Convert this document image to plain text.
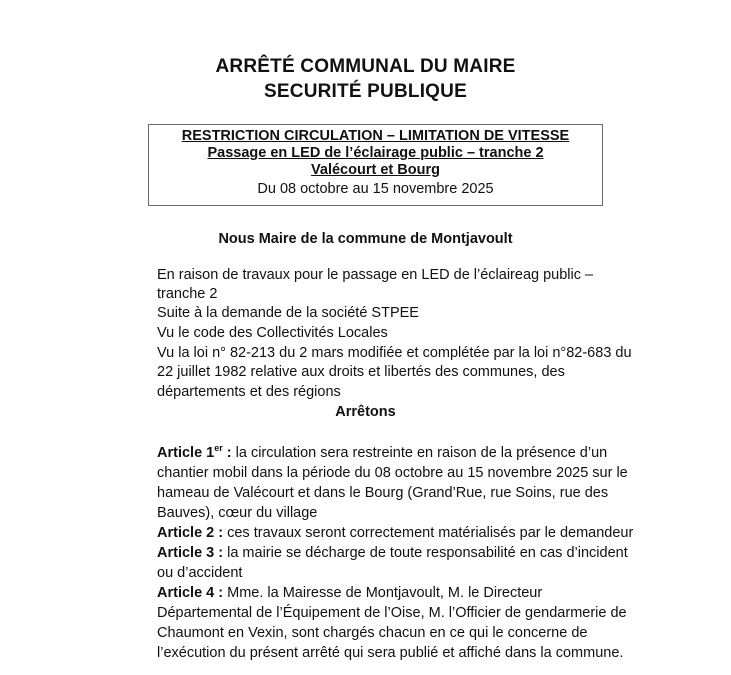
ARRÊTÉ COMMUNAL DU MAIRE
SECURITÉ PUBLIQUE
RESTRICTION CIRCULATION – LIMITATION DE VITESSE
Passage en LED de l’éclairage public – tranche 2
Valécourt et Bourg
Du 08 octobre au 15 novembre 2025
Nous Maire de la commune de Montjavoult
En raison de travaux pour le passage en LED de l’éclaireag public –
tranche 2
Suite à la demande de la société STPEE
Vu le code des Collectivités Locales
Vu la loi n° 82-213 du 2 mars modifiée et complétée par la loi n°82-683 du
22 juillet 1982 relative aux droits et libertés des communes, des
départements et des régions
Arrêtons
Article 1er : la circulation sera restreinte en raison de la présence d’un
chantier mobil dans la période du 08 octobre au 15 novembre 2025 sur le
hameau de Valécourt et dans le Bourg (Grand’Rue, rue Soins, rue des
Bauves), cœur du village
Article 2 : ces travaux seront correctement matérialisés par le demandeur
Article 3 : la mairie se décharge de toute responsabilité en cas d’incident
ou d’accident
Article 4 : Mme. la Mairesse de Montjavoult, M. le Directeur
Départemental de l’Équipement de l’Oise, M. l’Officier de gendarmerie de
Chaumont en Vexin, sont chargés chacun en ce qui le concerne de
l’exécution du présent arrêté qui sera publié et affiché dans la commune.
